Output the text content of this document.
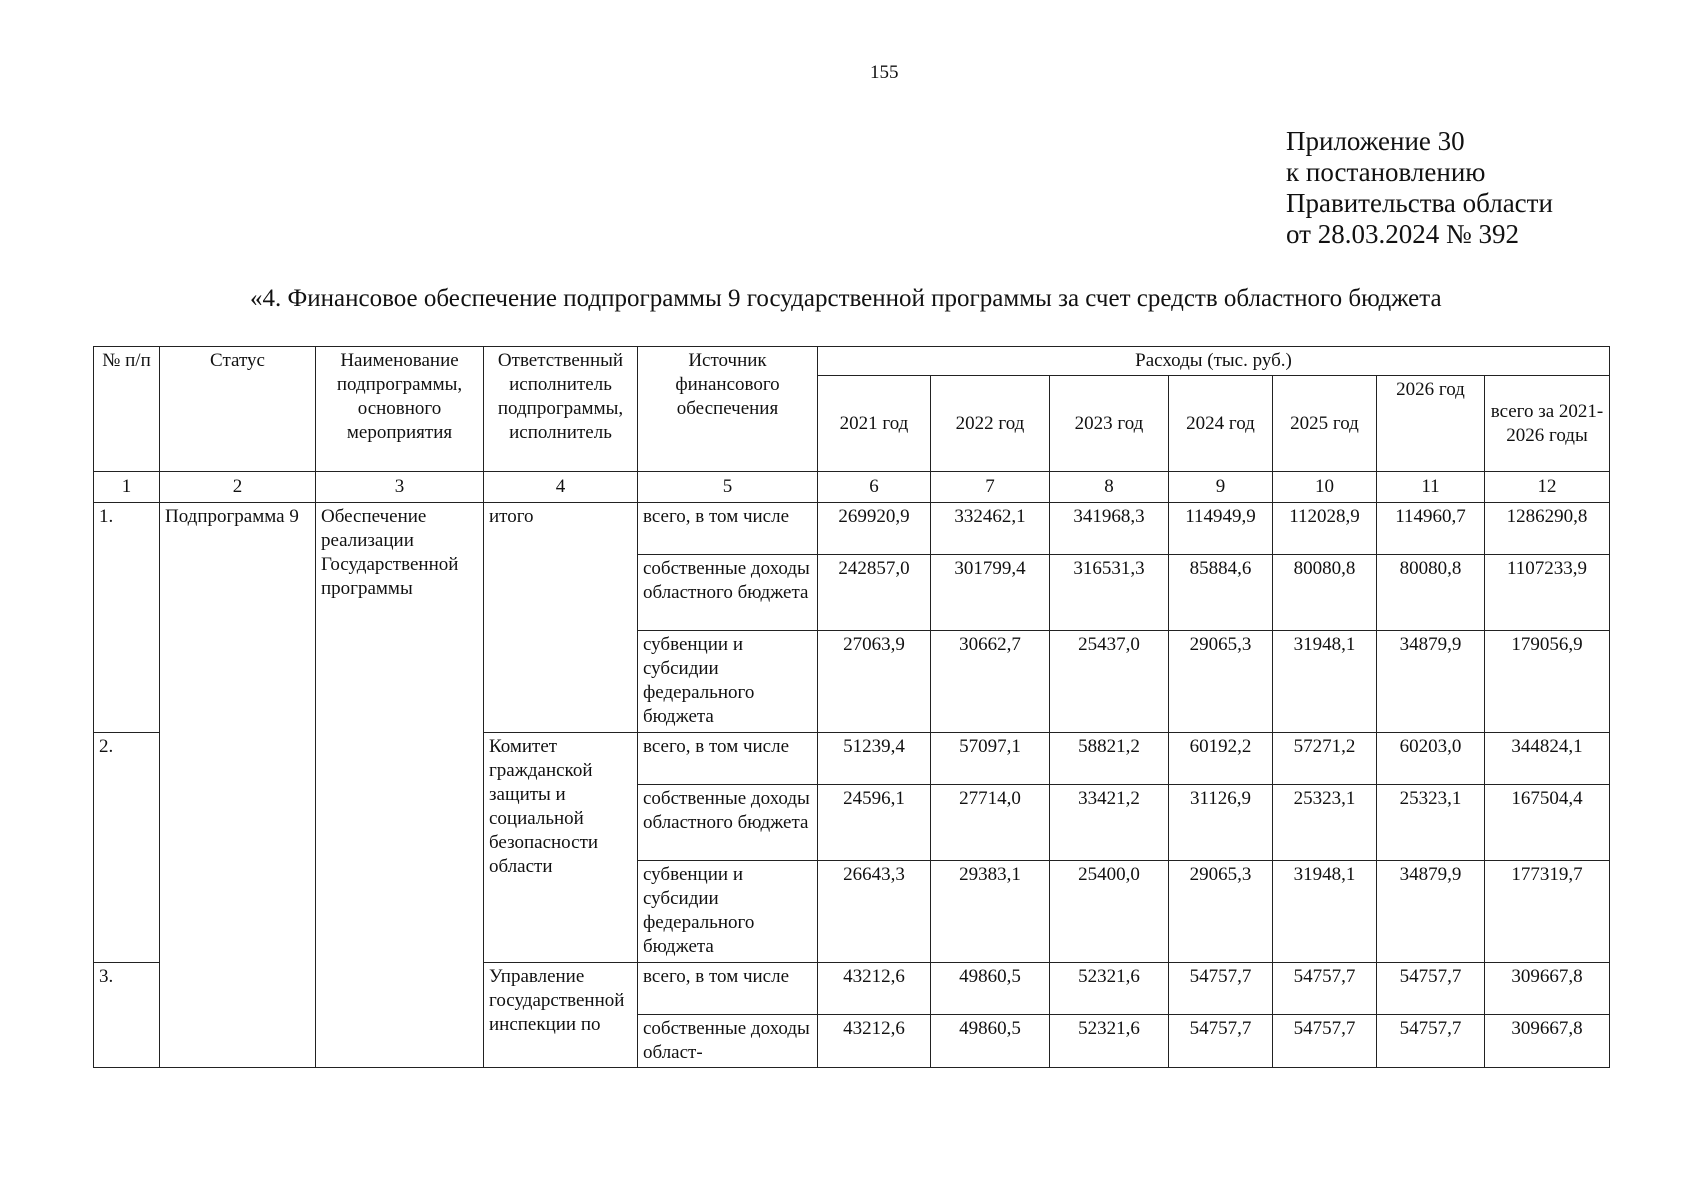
155
Приложение 30
к постановлению
Правительства области
от 28.03.2024 № 392
«4. Финансовое обеспечение подпрограммы 9 государственной программы за счет средств областного бюджета
№ п/п	Статус	Наименование подпрограммы, основного мероприятия	Ответственный исполнитель подпрограммы, исполнитель	Источник финансового обеспечения	Расходы (тыс. руб.)						
					2021 год	2022 год	2023 год	2024 год	2025 год	2026 год	всего за 2021-2026 годы
1	2	3	4	5	6	7	8	9	10	11	12
1.	Подпрограмма 9	Обеспечение реализации Государственной программы	итого	всего, в том числе	269920,9	332462,1	341968,3	114949,9	112028,9	114960,7	1286290,8
				собственные доходы областного бюджета	242857,0	301799,4	316531,3	85884,6	80080,8	80080,8	1107233,9
				субвенции и субсидии федерального бюджета	27063,9	30662,7	25437,0	29065,3	31948,1	34879,9	179056,9
2.			Комитет гражданской защиты и социальной безопасности области	всего, в том числе	51239,4	57097,1	58821,2	60192,2	57271,2	60203,0	344824,1
				собственные доходы областного бюджета	24596,1	27714,0	33421,2	31126,9	25323,1	25323,1	167504,4
				субвенции и субсидии федерального бюджета	26643,3	29383,1	25400,0	29065,3	31948,1	34879,9	177319,7
3.			Управление государственной инспекции по	всего, в том числе	43212,6	49860,5	52321,6	54757,7	54757,7	54757,7	309667,8
				собственные доходы област-	43212,6	49860,5	52321,6	54757,7	54757,7	54757,7	309667,8
